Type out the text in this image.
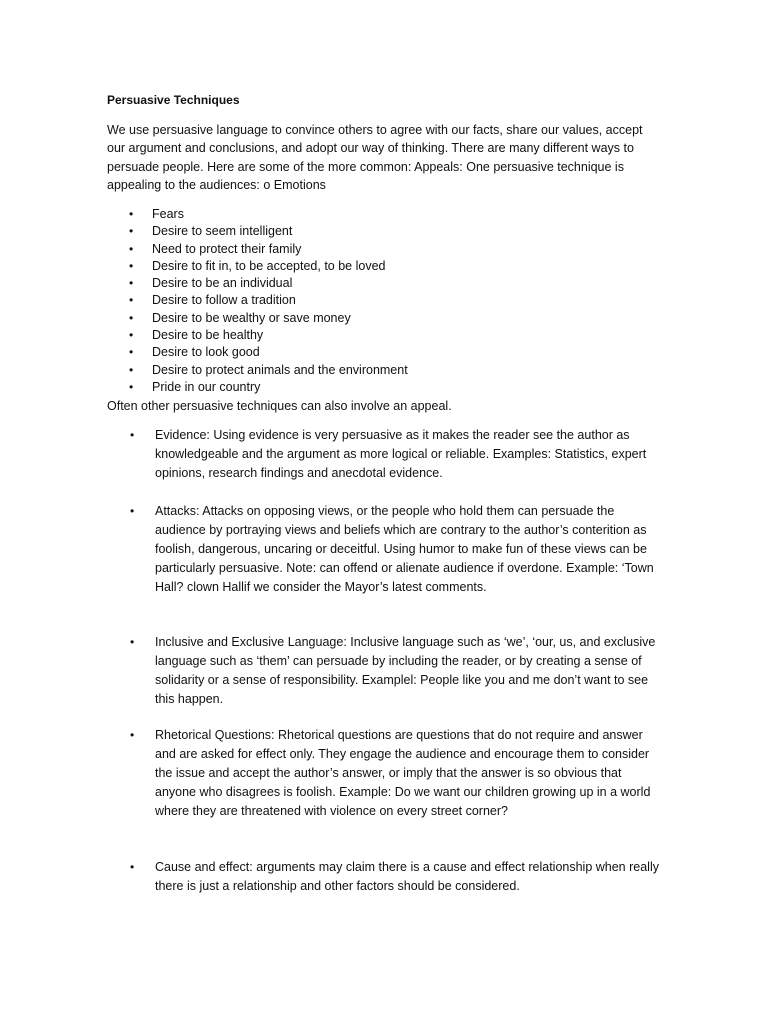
Persuasive Techniques

We use persuasive language to convince others to agree with our facts, share our values, accept our argument and conclusions, and adopt our way of thinking. There are many different ways to persuade people. Here are some of the more common: Appeals: One persuasive technique is appealing to the audiences: o Emotions

• Fears
• Desire to seem intelligent
• Need to protect their family
• Desire to fit in, to be accepted, to be loved
• Desire to be an individual
• Desire to follow a tradition
• Desire to be wealthy or save money
• Desire to be healthy
• Desire to look good
• Desire to protect animals and the environment
• Pride in our country

Often other persuasive techniques can also involve an appeal.

• Evidence: Using evidence is very persuasive as it makes the reader see the author as knowledgeable and the argument as more logical or reliable. Examples: Statistics, expert opinions, research findings and anecdotal evidence.

• Attacks: Attacks on opposing views, or the people who hold them can persuade the audience by portraying views and beliefs which are contrary to the author’s conterition as foolish, dangerous, uncaring or deceitful. Using humor to make fun of these views can be particularly persuasive. Note: can offend or alienate audience if overdone. Example: ‘Town Hall? clown Hallif we consider the Mayor’s latest comments.

• Inclusive and Exclusive Language: Inclusive language such as ‘we’, ‘our, us, and exclusive language such as ‘them’ can persuade by including the reader, or by creating a sense of solidarity or a sense of responsibility. Examplel: People like you and me don’t want to see this happen.

• Rhetorical Questions: Rhetorical questions are questions that do not require and answer and are asked for effect only. They engage the audience and encourage them to consider the issue and accept the author’s answer, or imply that the answer is so obvious that anyone who disagrees is foolish. Example: Do we want our children growing up in a world where they are threatened with violence on every street corner?

• Cause and effect: arguments may claim there is a cause and effect relationship when really there is just a relationship and other factors should be considered.
